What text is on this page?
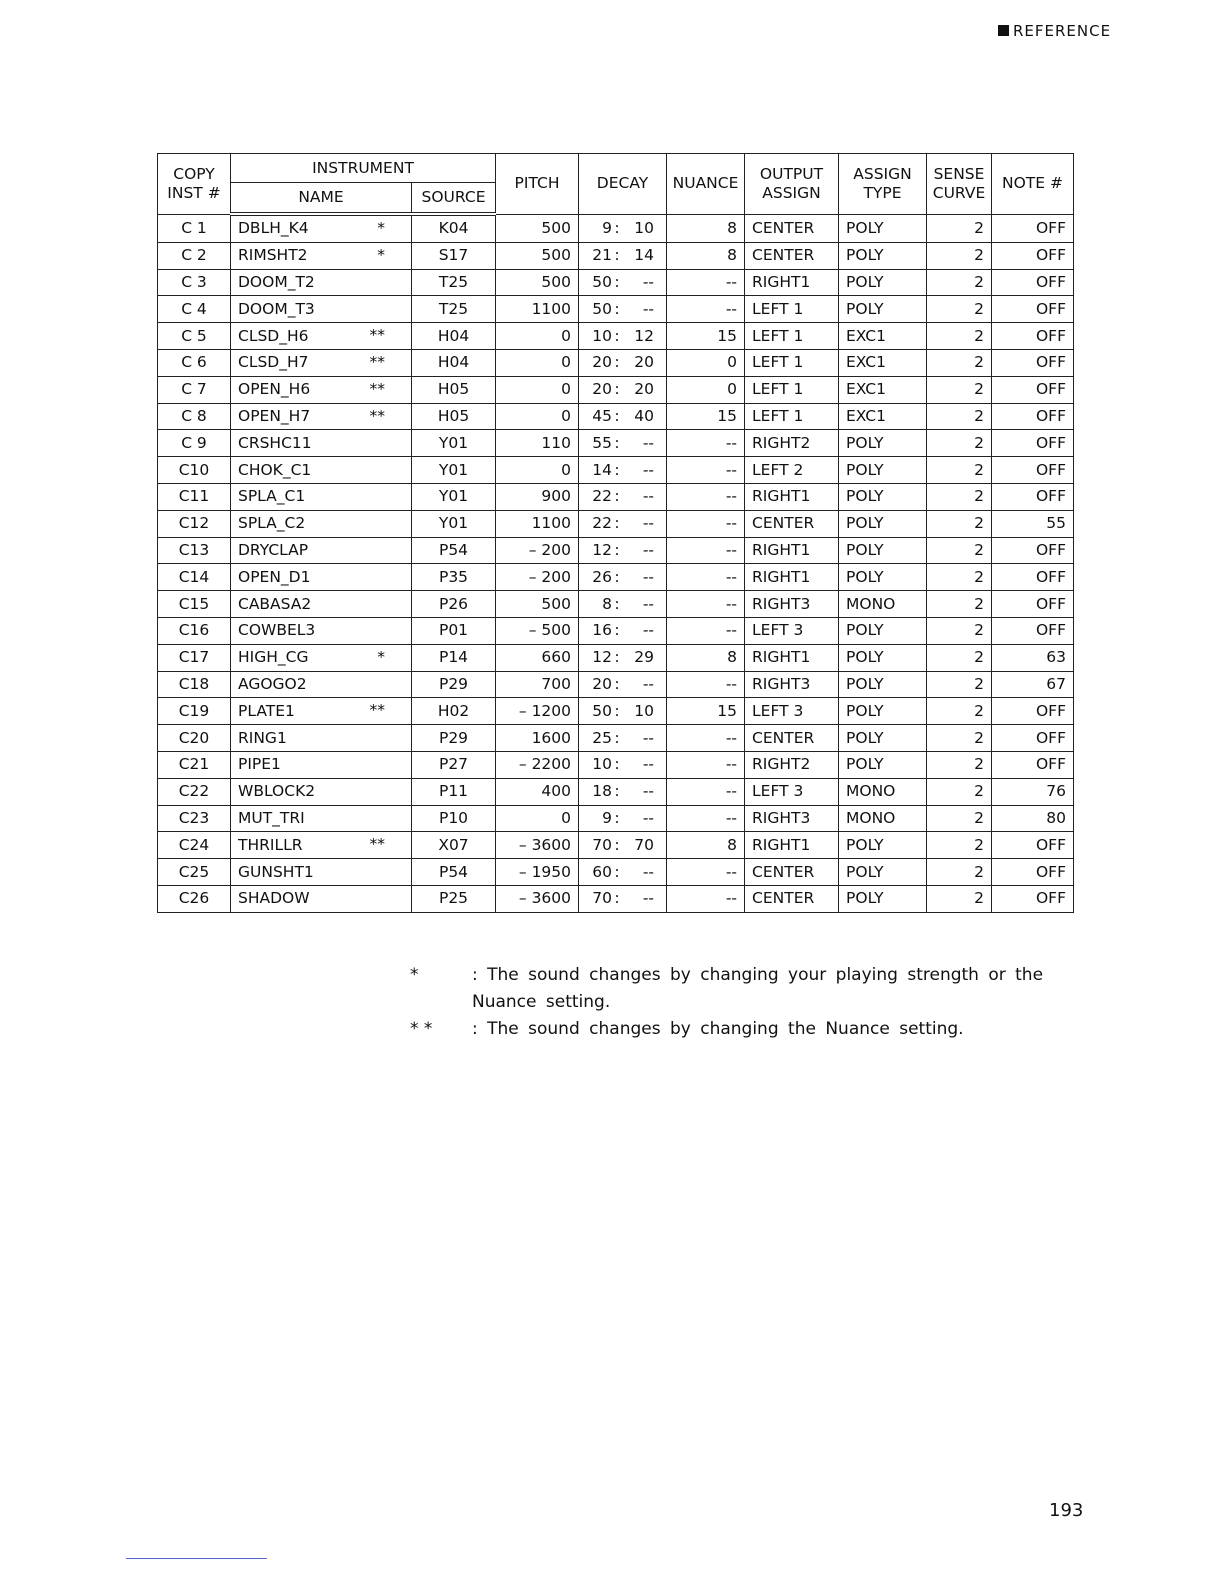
REFERENCE
COPY INST #	INSTRUMENT		PITCH	DECAY	NUANCE	OUTPUT ASSIGN	ASSIGN TYPE	SENSE CURVE	NOTE #
	NAME	SOURCE							
C 1	DBLH_K4 *	K04	500	9 : 10	8	CENTER	POLY	2	OFF
C 2	RIMSHT2 *	S17	500	21 : 14	8	CENTER	POLY	2	OFF
C 3	DOOM_T2	T25	500	50 : --	--	RIGHT1	POLY	2	OFF
C 4	DOOM_T3	T25	1100	50 : --	--	LEFT 1	POLY	2	OFF
C 5	CLSD_H6 **	H04	0	10 : 12	15	LEFT 1	EXC1	2	OFF
C 6	CLSD_H7 **	H04	0	20 : 20	0	LEFT 1	EXC1	2	OFF
C 7	OPEN_H6 **	H05	0	20 : 20	0	LEFT 1	EXC1	2	OFF
C 8	OPEN_H7 **	H05	0	45 : 40	15	LEFT 1	EXC1	2	OFF
C 9	CRSHC11	Y01	110	55 : --	--	RIGHT2	POLY	2	OFF
C10	CHOK_C1	Y01	0	14 : --	--	LEFT 2	POLY	2	OFF
C11	SPLA_C1	Y01	900	22 : --	--	RIGHT1	POLY	2	OFF
C12	SPLA_C2	Y01	1100	22 : --	--	CENTER	POLY	2	55
C13	DRYCLAP	P54	– 200	12 : --	--	RIGHT1	POLY	2	OFF
C14	OPEN_D1	P35	– 200	26 : --	--	RIGHT1	POLY	2	OFF
C15	CABASA2	P26	500	8 : --	--	RIGHT3	MONO	2	OFF
C16	COWBEL3	P01	– 500	16 : --	--	LEFT 3	POLY	2	OFF
C17	HIGH_CG *	P14	660	12 : 29	8	RIGHT1	POLY	2	63
C18	AGOGO2	P29	700	20 : --	--	RIGHT3	POLY	2	67
C19	PLATE1 **	H02	– 1200	50 : 10	15	LEFT 3	POLY	2	OFF
C20	RING1	P29	1600	25 : --	--	CENTER	POLY	2	OFF
C21	PIPE1	P27	– 2200	10 : --	--	RIGHT2	POLY	2	OFF
C22	WBLOCK2	P11	400	18 : --	--	LEFT 3	MONO	2	76
C23	MUT_TRI	P10	0	9 : --	--	RIGHT3	MONO	2	80
C24	THRILLR **	X07	– 3600	70 : 70	8	RIGHT1	POLY	2	OFF
C25	GUNSHT1	P54	– 1950	60 : --	--	CENTER	POLY	2	OFF
C26	SHADOW	P25	– 3600	70 : --	--	CENTER	POLY	2	OFF
*	: The sound changes by changing your playing strength or the Nuance setting.
* *	: The sound changes by changing the Nuance setting.
193
